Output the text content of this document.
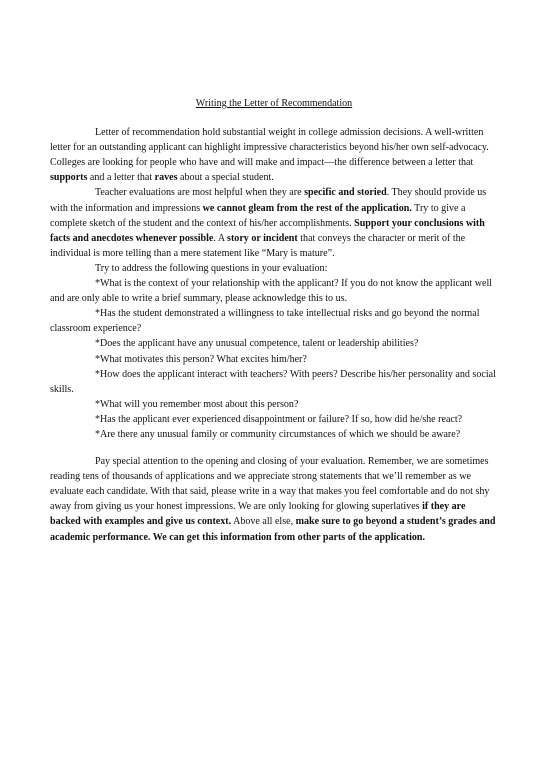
Writing the Letter of Recommendation

Letter of recommendation hold substantial weight in college admission decisions. A well-written letter for an outstanding applicant can highlight impressive characteristics beyond his/her own self-advocacy. Colleges are looking for people who have and will make and impact—the difference between a letter that supports and a letter that raves about a special student.

Teacher evaluations are most helpful when they are specific and storied. They should provide us with the information and impressions we cannot gleam from the rest of the application. Try to give a complete sketch of the student and the context of his/her accomplishments. Support your conclusions with facts and anecdotes whenever possible. A story or incident that conveys the character or merit of the individual is more telling than a mere statement like “Mary is mature”.

Try to address the following questions in your evaluation:

*What is the context of your relationship with the applicant? If you do not know the applicant well and are only able to write a brief summary, please acknowledge this to us.

*Has the student demonstrated a willingness to take intellectual risks and go beyond the normal classroom experience?

*Does the applicant have any unusual competence, talent or leadership abilities?

*What motivates this person? What excites him/her?

*How does the applicant interact with teachers? With peers? Describe his/her personality and social skills.

*What will you remember most about this person?

*Has the applicant ever experienced disappointment or failure? If so, how did he/she react?

*Are there any unusual family or community circumstances of which we should be aware?

Pay special attention to the opening and closing of your evaluation. Remember, we are sometimes reading tens of thousands of applications and we appreciate strong statements that we’ll remember as we evaluate each candidate. With that said, please write in a way that makes you feel comfortable and do not shy away from giving us your honest impressions. We are only looking for glowing superlatives if they are backed with examples and give us context. Above all else, make sure to go beyond a student’s grades and academic performance. We can get this information from other parts of the application.
